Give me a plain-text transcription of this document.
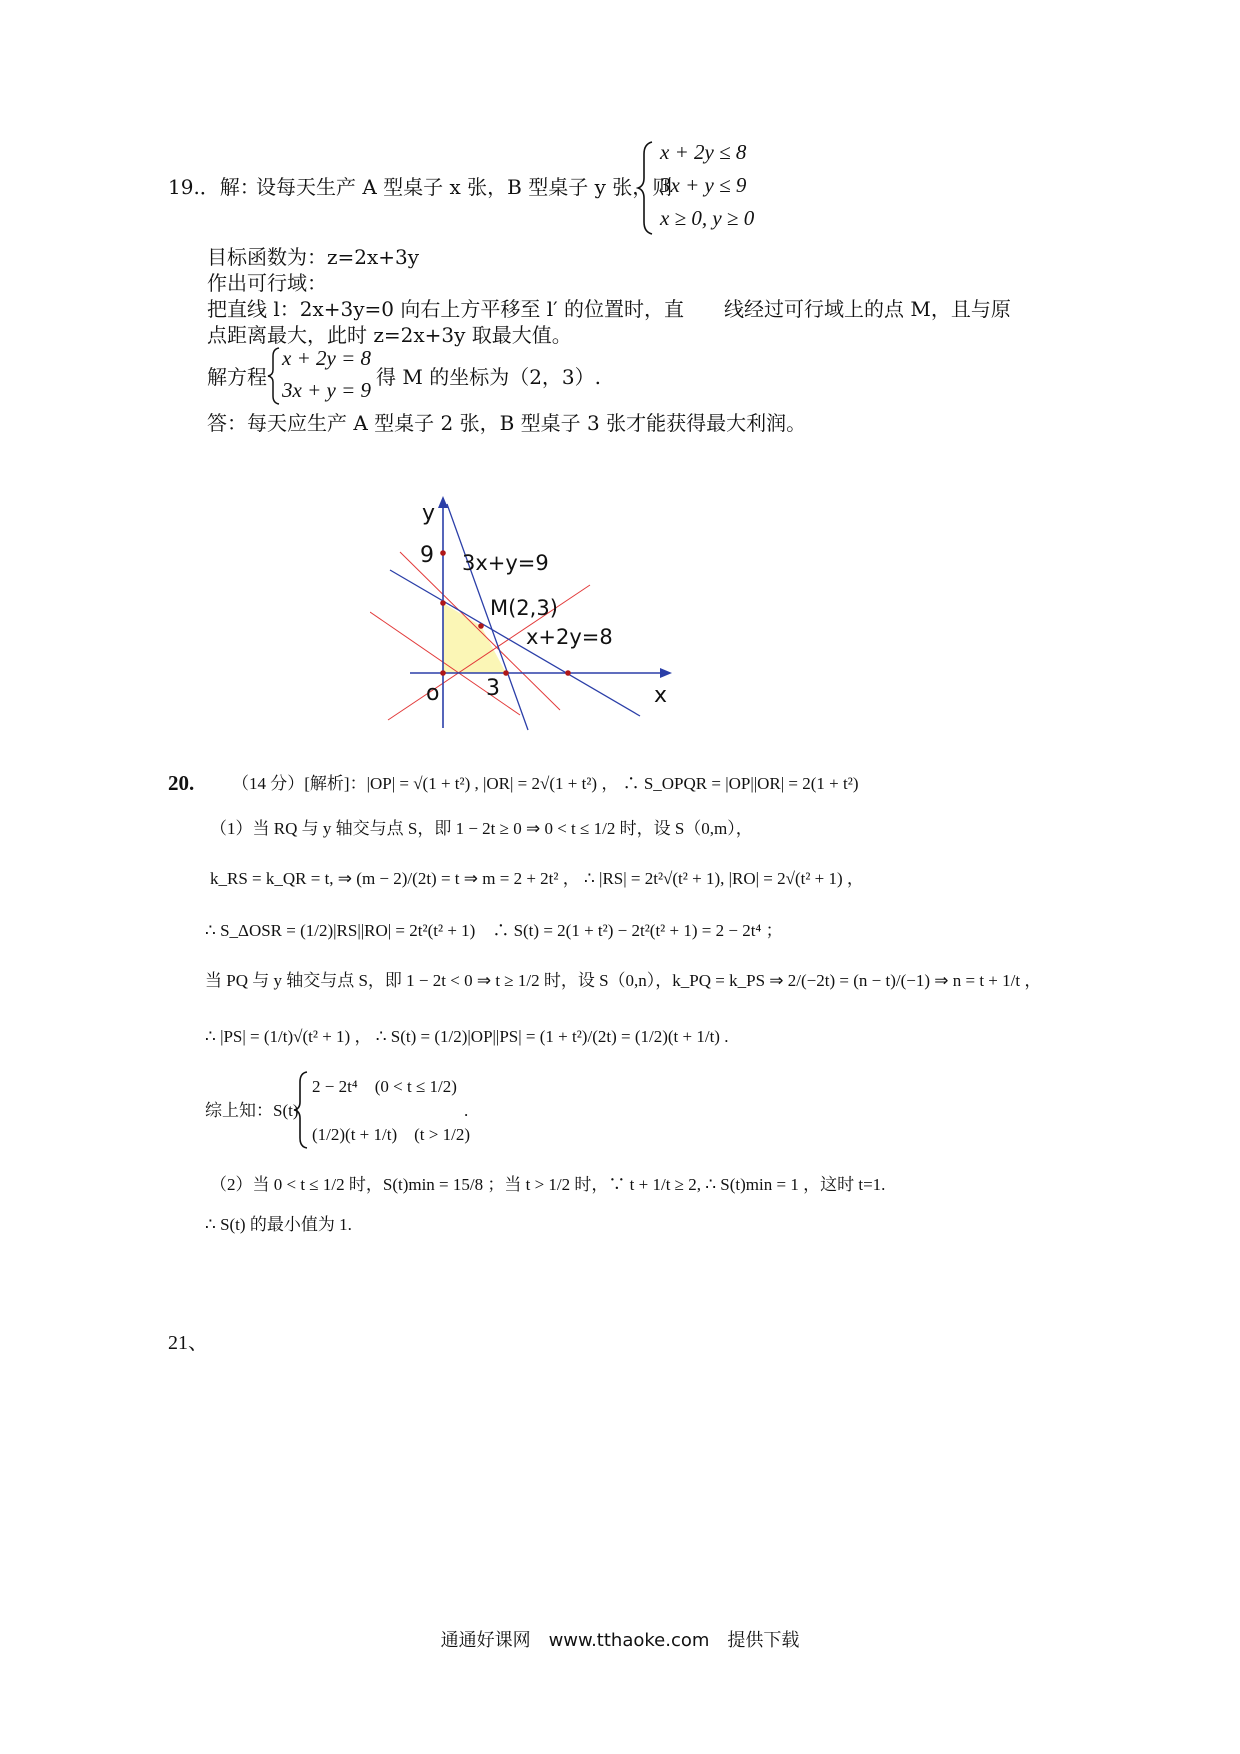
19.．解：
设每天生产 A 型桌子 x 张，B 型桌子 y 张，则
x + 2y ≤ 8
3x + y ≤ 9
x ≥ 0, y ≥ 0
目标函数为：z=2x+3y
作出可行域：
把直线 l：2x+3y=0 向右上方平移至 l′ 的位置时，直　　线经过可行域上的点 M，且与原
点距离最大，此时 z=2x+3y 取最大值。
解方程
x + 2y = 8
3x + y = 9
得 M 的坐标为（2，3）.
答：每天应生产 A 型桌子 2 张，B 型桌子 3 张才能获得最大利润。
y
x
o
9
3
3x+y=9
M(2,3)
x+2y=8
20. （14 分）[解析]：|OP| = √(1 + t²) , |OR| = 2√(1 + t²) ， ∴ S_OPQR = |OP||OR| = 2(1 + t²)
（1）当 RQ 与 y 轴交与点 S，即 1 − 2t ≥ 0 ⇒ 0 < t ≤ 1/2 时，设 S（0,m），
k_RS = k_QR = t, ⇒ (m − 2)/(2t) = t ⇒ m = 2 + 2t² ， ∴ |RS| = 2t²√(t² + 1), |RO| = 2√(t² + 1) ，
∴ S_ΔOSR = (1/2)|RS||RO| = 2t²(t² + 1)　∴ S(t) = 2(1 + t²) − 2t²(t² + 1) = 2 − 2t⁴ ；
当 PQ 与 y 轴交与点 S，即 1 − 2t < 0 ⇒ t ≥ 1/2 时，设 S（0,n），k_PQ = k_PS ⇒ 2/(−2t) = (n − t)/(−1) ⇒ n = t + 1/t ，
∴ |PS| = (1/t)√(t² + 1) ， ∴ S(t) = (1/2)|OP||PS| = (1 + t²)/(2t) = (1/2)(t + 1/t) .
综上知：S(t)
2 − 2t⁴　(0 < t ≤ 1/2)
(1/2)(t + 1/t)　(t > 1/2)
.
（2）当 0 < t ≤ 1/2 时，S(t)min = 15/8 ；当 t > 1/2 时，∵ t + 1/t ≥ 2, ∴ S(t)min = 1 ，这时 t=1.
∴ S(t) 的最小值为 1.
21、
通通好课网　www.tthaoke.com　提供下载
